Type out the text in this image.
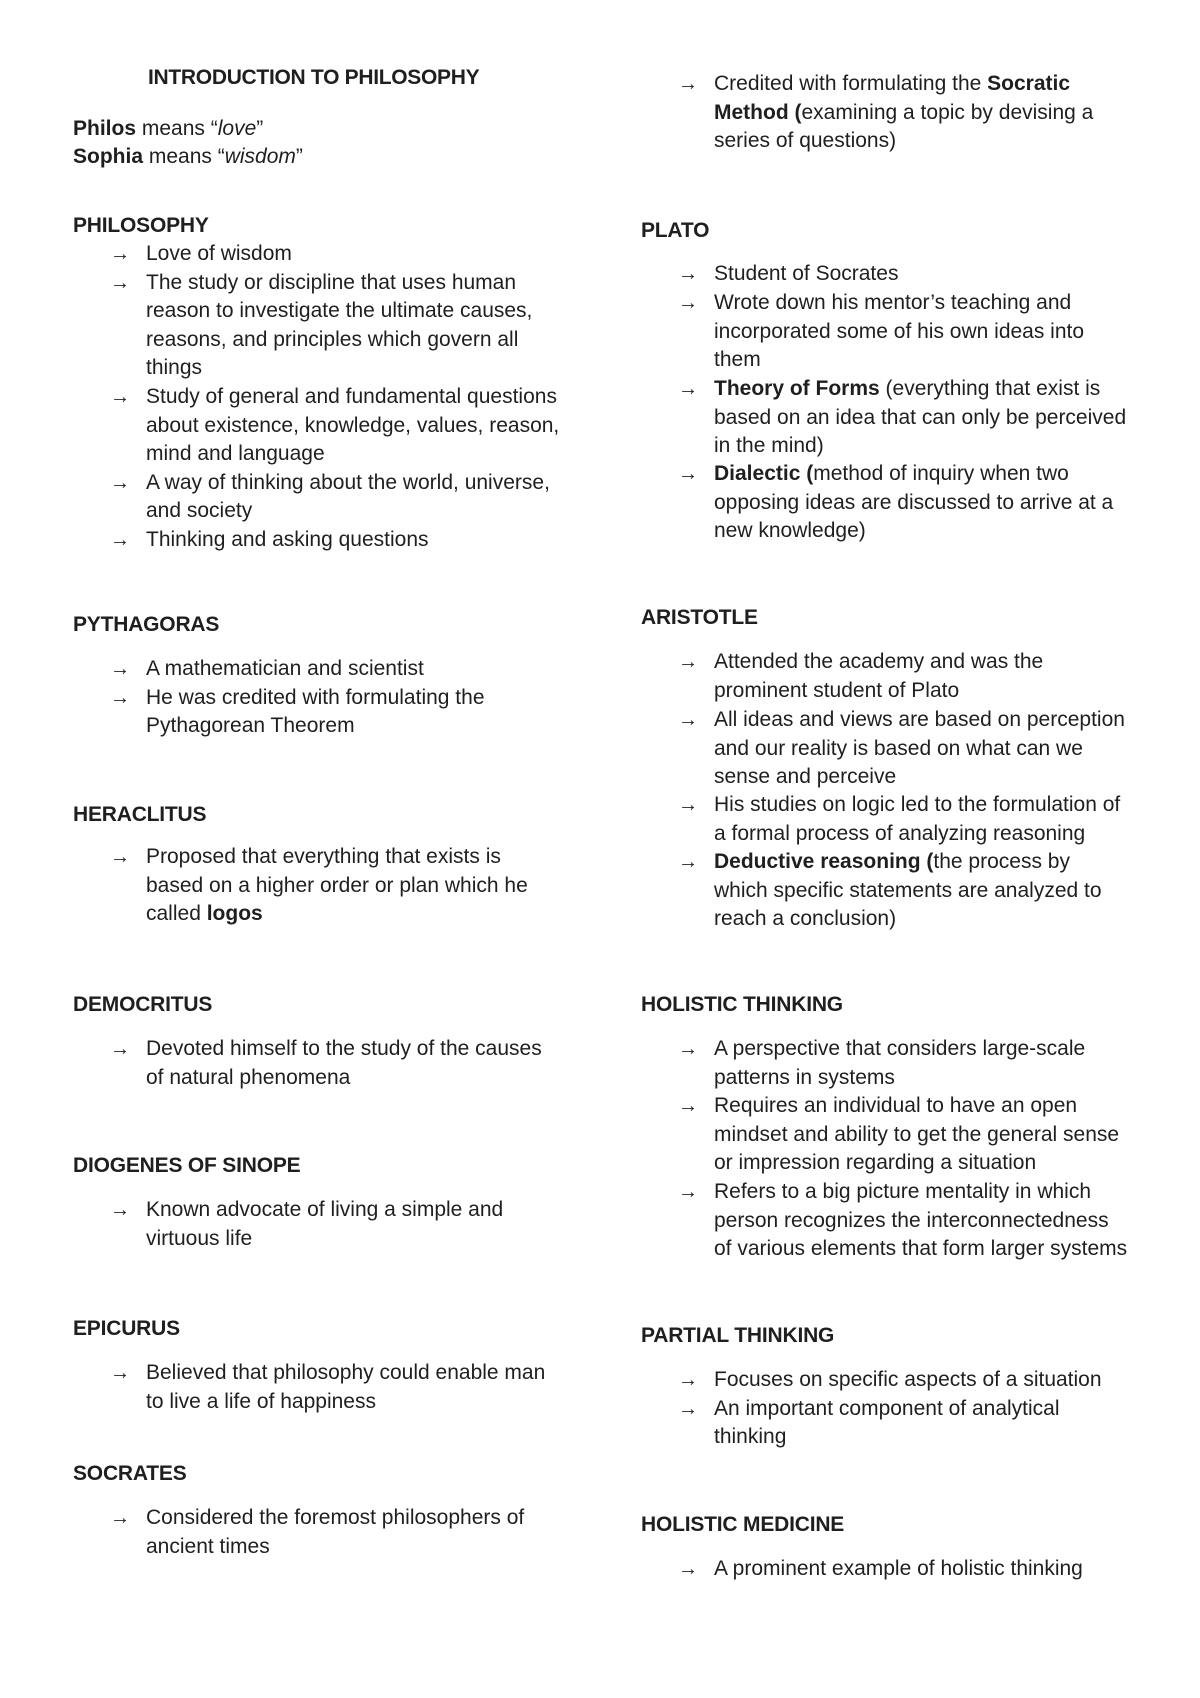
INTRODUCTION TO PHILOSOPHY
Philos means “love”
Sophia means “wisdom”
PHILOSOPHY
PYTHAGORAS
HERACLITUS
→ Proposed that everything that exists is
based on a higher order or plan which he
called logos
DEMOCRITUS
DIOGENES OF SINOPE
EPICURUS
SOCRATES
→ Credited with formulating the Socratic
Method (examining a topic by devising a
series of questions)
PLATO
→ Student of Socrates
→ Wrote down his mentor’s teaching and
incorporated some of his own ideas into
them
→ Theory of Forms (everything that exist is
based on an idea that can only be perceived
in the mind)
→ Dialectic (method of inquiry when two
opposing ideas are discussed to arrive at a
new knowledge)
ARISTOTLE
→ Attended the academy and was the
prominent student of Plato
→ All ideas and views are based on perception
and our reality is based on what can we
sense and perceive
→ His studies on logic led to the formulation of
a formal process of analyzing reasoning
→ Deductive reasoning (the process by
which specific statements are analyzed to
reach a conclusion)
HOLISTIC THINKING
PARTIAL THINKING
HOLISTIC MEDICINE
→ Love of wisdom
→ The study or discipline that uses human
reason to investigate the ultimate causes,
reasons, and principles which govern all
things
→ Study of general and fundamental questions
about existence, knowledge, values, reason,
mind and language
→ A way of thinking about the world, universe,
and society
→ Thinking and asking questions
→ A mathematician and scientist
→ He was credited with formulating the
Pythagorean Theorem
→ Devoted himself to the study of the causes
of natural phenomena
→ Known advocate of living a simple and
virtuous life
→ Believed that philosophy could enable man
to live a life of happiness
→ Considered the foremost philosophers of
ancient times
→ A perspective that considers large-scale
patterns in systems
→ Requires an individual to have an open
mindset and ability to get the general sense
or impression regarding a situation
→ Refers to a big picture mentality in which
person recognizes the interconnectedness
of various elements that form larger systems
→ Focuses on specific aspects of a situation
→ An important component of analytical
thinking
→ A prominent example of holistic thinking
